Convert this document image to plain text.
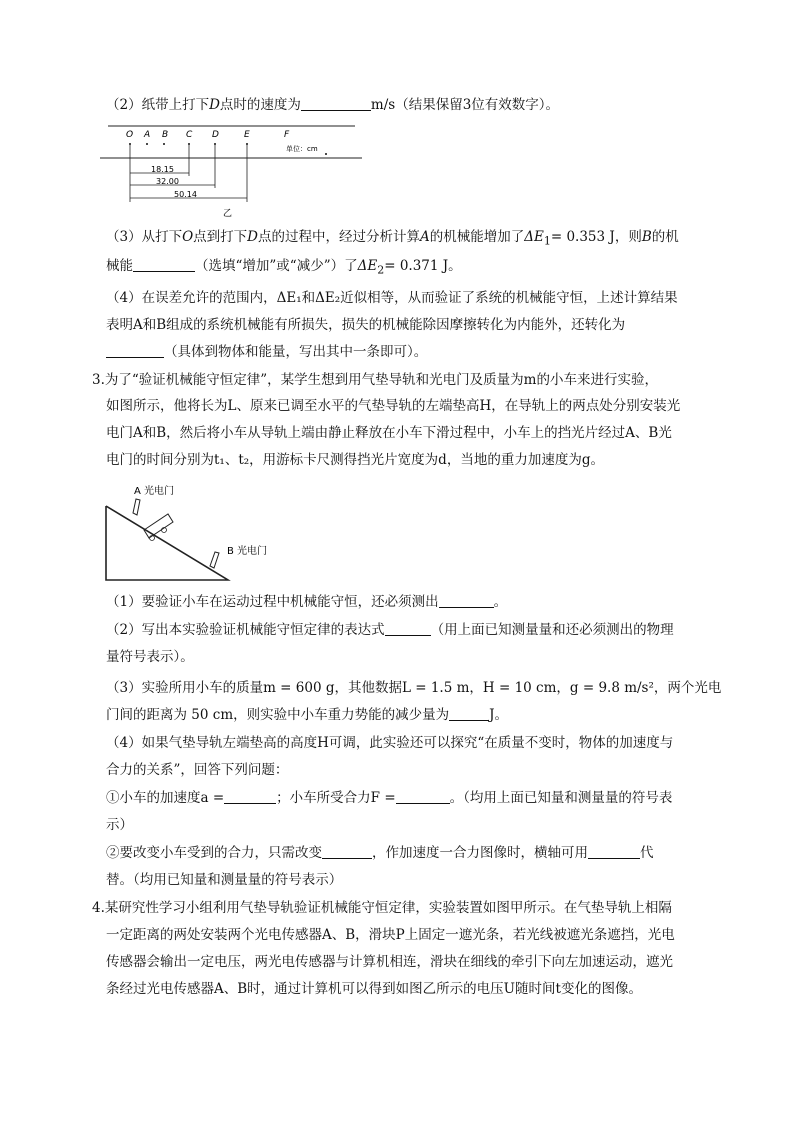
（2）纸带上打下D点时的速度为	m/s（结果保留3位有效数字）。
O A B C D	E	F
单位：cm
18.15
32.00
50.14
乙
（3）从打下O点到打下D点的过程中，经过分析计算A的机械能增加了$\Delta E_1= 0.353$ J，则B的机
械能	（选填“增加”或“减少”）了$\Delta E_2= 0.371$ J。
（4）在误差允许的范围内，ΔE₁和ΔE₂近似相等，从而验证了系统的机械能守恒，上述计算结果
表明A和B组成的系统机械能有所损失，损失的机械能除因摩擦转化为内能外，还转化为
（具体到物体和能量，写出其中一条即可）。
3.为了“验证机械能守恒定律”，某学生想到用气垫导轨和光电门及质量为m的小车来进行实验，
如图所示，他将长为L、原来已调至水平的气垫导轨的左端垫高H，在导轨上的两点处分别安装光
电门A和B，然后将小车从导轨上端由静止释放在小车下滑过程中，小车上的挡光片经过A、B光
电门的时间分别为t₁、t₂，用游标卡尺测得挡光片宽度为d，当地的重力加速度为g。
A 光电门
B 光电门
（1）要验证小车在运动过程中机械能守恒，还必须测出	。
（2）写出本实验验证机械能守恒定律的表达式	（用上面已知测量量和还必须测出的物理
量符号表示）。
（3）实验所用小车的质量m = 600 g，其他数据L = 1.5 m，H = 10 cm，g = 9.8 m/s²，两个光电
门间的距离为 50 cm，则实验中小车重力势能的减少量为	J。
（4）如果气垫导轨左端垫高的高度H可调，此实验还可以探究“在质量不变时，物体的加速度与
合力的关系”，回答下列问题：
①小车的加速度a =	；小车所受合力F =	。（均用上面已知量和测量量的符号表
示）
②要改变小车受到的合力，只需改变	，作加速度一合力图像时，横轴可用	代
替。（均用已知量和测量量的符号表示）
4.某研究性学习小组利用气垫导轨验证机械能守恒定律，实验装置如图甲所示。在气垫导轨上相隔
一定距离的两处安装两个光电传感器A、B，滑块P上固定一遮光条，若光线被遮光条遮挡，光电
传感器会输出一定电压，两光电传感器与计算机相连，滑块在细线的牵引下向左加速运动，遮光
条经过光电传感器A、B时，通过计算机可以得到如图乙所示的电压U随时间t变化的图像。
